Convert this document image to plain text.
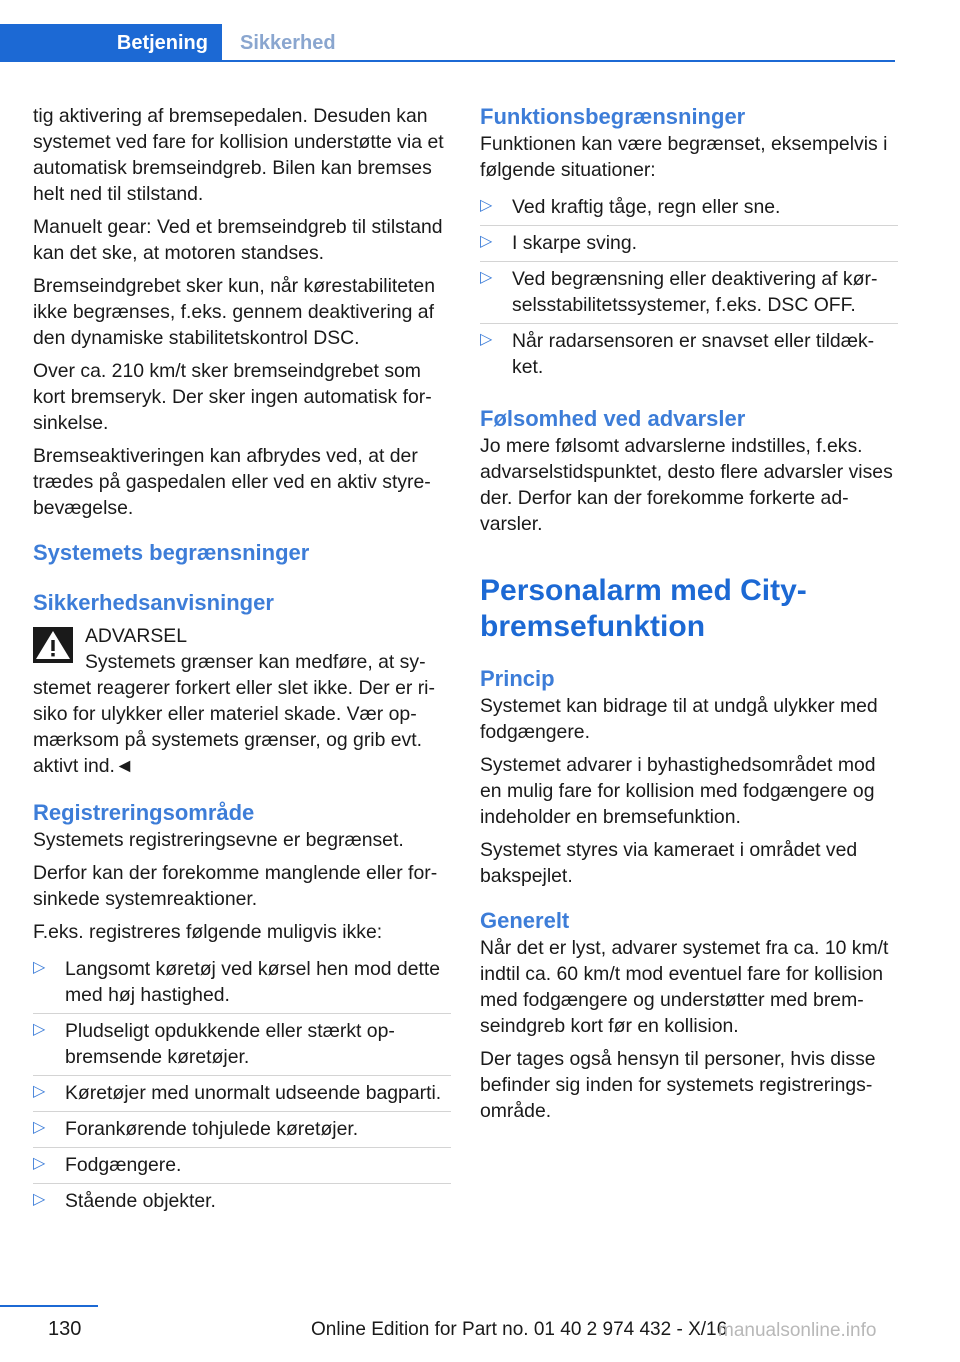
Betjening	Sikkerhed

tig aktivering af bremsepedalen. Desuden kan systemet ved fare for kollision understøtte via et automatisk bremseindgreb. Bilen kan bremses helt ned til stilstand.

Manuelt gear: Ved et bremseindgreb til stilstand kan det ske, at motoren standses.

Bremseindgrebet sker kun, når kørestabiliteten ikke begrænses, f.eks. gennem deaktivering af den dynamiske stabilitetskontrol DSC.

Over ca. 210 km/t sker bremseindgrebet som kort bremseryk. Der sker ingen automatisk forsinkelse.

Bremseaktiveringen kan afbrydes ved, at der trædes på gaspedalen eller ved en aktiv styrebevægelse.

Systemets begrænsninger
Sikkerhedsanvisninger
ADVARSEL
Systemets grænser kan medføre, at systemet reagerer forkert eller slet ikke. Der er risiko for ulykker eller materiel skade. Vær opmærksom på systemets grænser, og grib evt. aktivt ind.◄
Registreringsområde

Systemets registreringsevne er begrænset.

Derfor kan der forekomme manglende eller forsinkede systemreaktioner.

F.eks. registreres følgende muligvis ikke:

▷ Langsomt køretøj ved kørsel hen mod dette med høj hastighed.
▷ Pludseligt opdukkende eller stærkt opbremsende køretøjer.
▷ Køretøjer med unormalt udseende bagparti.
▷ Forankørende tohjulede køretøjer.
▷ Fodgængere.
▷ Stående objekter.
Funktionsbegrænsninger

Funktionen kan være begrænset, eksempelvis i følgende situationer:

▷ Ved kraftig tåge, regn eller sne.
▷ I skarpe sving.
▷ Ved begrænsning eller deaktivering af kørselsstabilitetssystemer, f.eks. DSC OFF.
▷ Når radarsensoren er snavset eller tildækket.
Følsomhed ved advarsler

Jo mere følsomt advarslerne indstilles, f.eks. advarselstidspunktet, desto flere advarsler vises der. Derfor kan der forekomme forkerte advarsler.

Personalarm med City-bremsefunktion
Princip

Systemet kan bidrage til at undgå ulykker med fodgængere.

Systemet advarer i byhastighedsområdet mod en mulig fare for kollision med fodgængere og indeholder en bremsefunktion.

Systemet styres via kameraet i området ved bakspejlet.

Generelt

Når det er lyst, advarer systemet fra ca. 10 km/t indtil ca. 60 km/t mod eventuel fare for kollision med fodgængere og understøtter med bremseindgreb kort før en kollision.

Der tages også hensyn til personer, hvis disse befinder sig inden for systemets registreringsområde.

130	Online Edition for Part no. 01 40 2 974 432 - X/16
manualsonline.info
